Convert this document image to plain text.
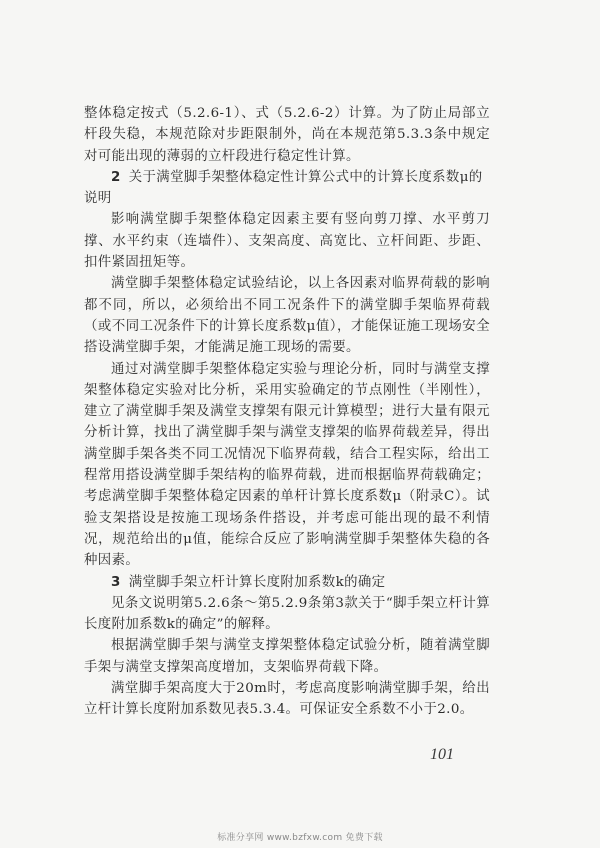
整体稳定按式（5.2.6-1）、式（5.2.6-2）计算。为了防止局部立杆段失稳，本规范除对步距限制外，尚在本规范第5.3.3条中规定对可能出现的薄弱的立杆段进行稳定性计算。

2 关于满堂脚手架整体稳定性计算公式中的计算长度系数μ的说明

影响满堂脚手架整体稳定因素主要有竖向剪刀撑、水平剪刀撑、水平约束（连墙件）、支架高度、高宽比、立杆间距、步距、扣件紧固扭矩等。

满堂脚手架整体稳定试验结论，以上各因素对临界荷载的影响都不同，所以，必须给出不同工况条件下的满堂脚手架临界荷载（或不同工况条件下的计算长度系数μ值），才能保证施工现场安全搭设满堂脚手架，才能满足施工现场的需要。

通过对满堂脚手架整体稳定实验与理论分析，同时与满堂支撑架整体稳定实验对比分析，采用实验确定的节点刚性（半刚性），建立了满堂脚手架及满堂支撑架有限元计算模型；进行大量有限元分析计算，找出了满堂脚手架与满堂支撑架的临界荷载差异，得出满堂脚手架各类不同工况情况下临界荷载，结合工程实际，给出工程常用搭设满堂脚手架结构的临界荷载，进而根据临界荷载确定；考虑满堂脚手架整体稳定因素的单杆计算长度系数μ（附录C）。试验支架搭设是按施工现场条件搭设，并考虑可能出现的最不利情况，规范给出的μ值，能综合反应了影响满堂脚手架整体失稳的各种因素。

3 满堂脚手架立杆计算长度附加系数k的确定

见条文说明第5.2.6条～第5.2.9条第3款关于“脚手架立杆计算长度附加系数k的确定”的解释。

根据满堂脚手架与满堂支撑架整体稳定试验分析，随着满堂脚手架与满堂支撑架高度增加，支架临界荷载下降。

满堂脚手架高度大于20m时，考虑高度影响满堂脚手架，给出立杆计算长度附加系数见表5.3.4。可保证安全系数不小于2.0。

101
标准分享网 www.bzfxw.com 免费下载
